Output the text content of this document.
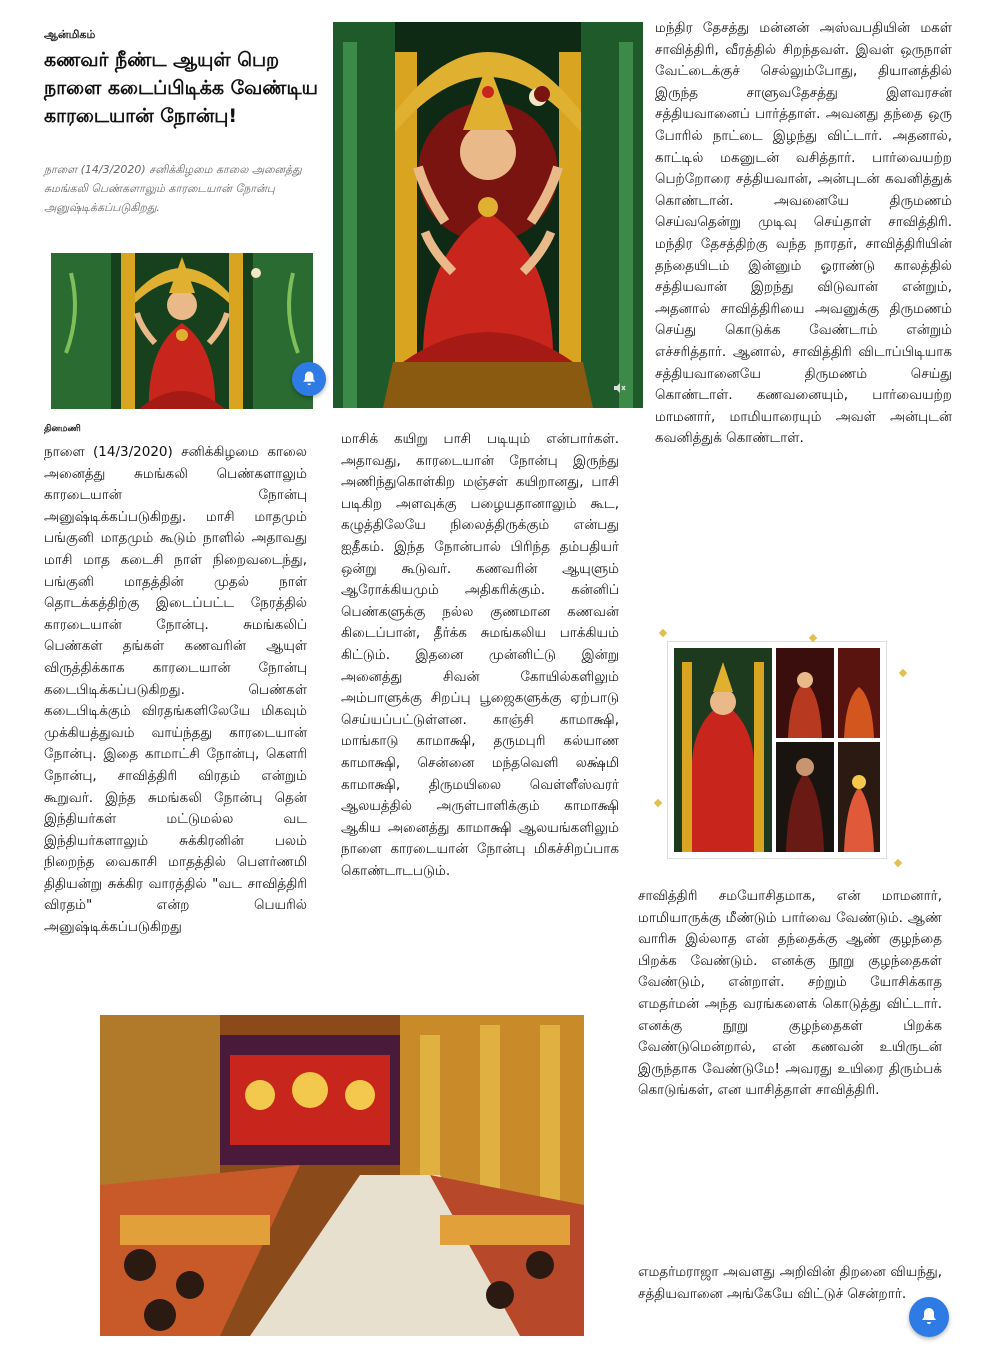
ஆன்மிகம்
கணவர் நீண்ட ஆயுள் பெற நாளை கடைப்பிடிக்க வேண்டிய காரடையான் நோன்பு!
நாளை (14/3/2020) சனிக்கிழமை காலை அனைத்து சுமங்கலி பெண்களாலும் காரடையான் நோன்பு அனுஷ்டிக்கப்படுகிறது.
தினமணி
நாளை (14/3/2020) சனிக்கிழமை காலை அனைத்து சுமங்கலி பெண்களாலும் காரடையான் நோன்பு அனுஷ்டிக்கப்படுகிறது. மாசி மாதமும் பங்குனி மாதமும் கூடும் நாளில் அதாவது மாசி மாத கடைசி நாள் நிறைவடைந்து, பங்குனி மாதத்தின் முதல் நாள் தொடக்கத்திற்கு இடைப்பட்ட நேரத்தில் காரடையான் நோன்பு. சுமங்கலிப் பெண்கள் தங்கள் கணவரின் ஆயுள் விருத்திக்காக காரடையான் நோன்பு கடைபிடிக்கப்படுகிறது. பெண்கள் கடைபிடிக்கும் விரதங்களிலேயே மிகவும் முக்கியத்துவம் வாய்ந்தது காரடையான் நோன்பு. இதை காமாட்சி நோன்பு, கௌரி நோன்பு, சாவித்திரி விரதம் என்றும் கூறுவர். இந்த சுமங்கலி நோன்பு தென் இந்தியர்கள் மட்டுமல்ல வட இந்தியர்களாலும் சுக்கிரனின் பலம் நிறைந்த வைகாசி மாதத்தில் பௌர்ணமி திதியன்று சுக்கிர வாரத்தில் "வட சாவித்திரி விரதம்" என்ற பெயரில் அனுஷ்டிக்கப்படுகிறது
மாசிக் கயிறு பாசி படியும் என்பார்கள். அதாவது, காரடையான் நோன்பு இருந்து அணிந்துகொள்கிற மஞ்சள் கயிறானது, பாசி படிகிற அளவுக்கு பழையதானாலும் கூட, கழுத்திலேயே நிலைத்திருக்கும் என்பது ஐதீகம். இந்த நோன்பால் பிரிந்த தம்பதியர் ஒன்று கூடுவர். கணவரின் ஆயுளும் ஆரோக்கியமும் அதிகரிக்கும். கன்னிப் பெண்களுக்கு நல்ல குணமான கணவன் கிடைப்பான், தீர்க்க சுமங்கலிய பாக்கியம் கிட்டும். இதனை முன்னிட்டு இன்று அனைத்து சிவன் கோயில்களிலும் அம்பாளுக்கு சிறப்பு பூஜைகளுக்கு ஏற்பாடு செய்யப்பட்டுள்ளன. காஞ்சி காமாக்ஷி, மாங்காடு காமாக்ஷி, தருமபுரி கல்யாண காமாக்ஷி, சென்னை மந்தவெளி லக்ஷ்மி காமாக்ஷி, திருமயிலை வெள்ளீஸ்வரர் ஆலயத்தில் அருள்பாளிக்கும் காமாக்ஷி ஆகிய அனைத்து காமாக்ஷி ஆலயங்களிலும் நாளை காரடையான் நோன்பு மிகச்சிறப்பாக கொண்டாடபடும்.
மந்திர தேசத்து மன்னன் அஸ்வபதியின் மகள் சாவித்திரி, வீரத்தில் சிறந்தவள். இவள் ஒருநாள் வேட்டைக்குச் செல்லும்போது, தியானத்தில் இருந்த சாளுவதேசத்து இளவரசன் சத்தியவானைப் பார்த்தாள். அவனது தந்தை ஒரு போரில் நாட்டை இழந்து விட்டார். அதனால், காட்டில் மகனுடன் வசித்தார். பார்வையற்ற பெற்றோரை சத்தியவான், அன்புடன் கவனித்துக் கொண்டான். அவனையே திருமணம் செய்வதென்று முடிவு செய்தாள் சாவித்திரி. மந்திர தேசத்திற்கு வந்த நாரதர், சாவித்திரியின் தந்தையிடம் இன்னும் ஓராண்டு காலத்தில் சத்தியவான் இறந்து விடுவான் என்றும், அதனால் சாவித்திரியை அவனுக்கு திருமணம் செய்து கொடுக்க வேண்டாம் என்றும் எச்சரித்தார். ஆனால், சாவித்திரி விடாப்பிடியாக சத்தியவானையே திருமணம் செய்து கொண்டாள். கணவனையும், பார்வையற்ற மாமனார், மாமியாரையும் அவள் அன்புடன் கவனித்துக் கொண்டாள்.
சாவித்திரி சமயோசிதமாக, என் மாமனார், மாமியாருக்கு மீண்டும் பார்வை வேண்டும். ஆண் வாரிசு இல்லாத என் தந்தைக்கு ஆண் குழந்தை பிறக்க வேண்டும். எனக்கு நூறு குழந்தைகள் வேண்டும், என்றாள். சற்றும் யோசிக்காத எமதர்மன் அந்த வரங்களைக் கொடுத்து விட்டார். எனக்கு நூறு குழந்தைகள் பிறக்க வேண்டுமென்றால், என் கணவன் உயிருடன் இருந்தாக வேண்டுமே! அவரது உயிரை திரும்பக் கொடுங்கள், என யாசித்தாள் சாவித்திரி.
எமதர்மராஜா அவளது அறிவின் திறனை வியந்து, சத்தியவானை அங்கேயே விட்டுச் சென்றார்.
